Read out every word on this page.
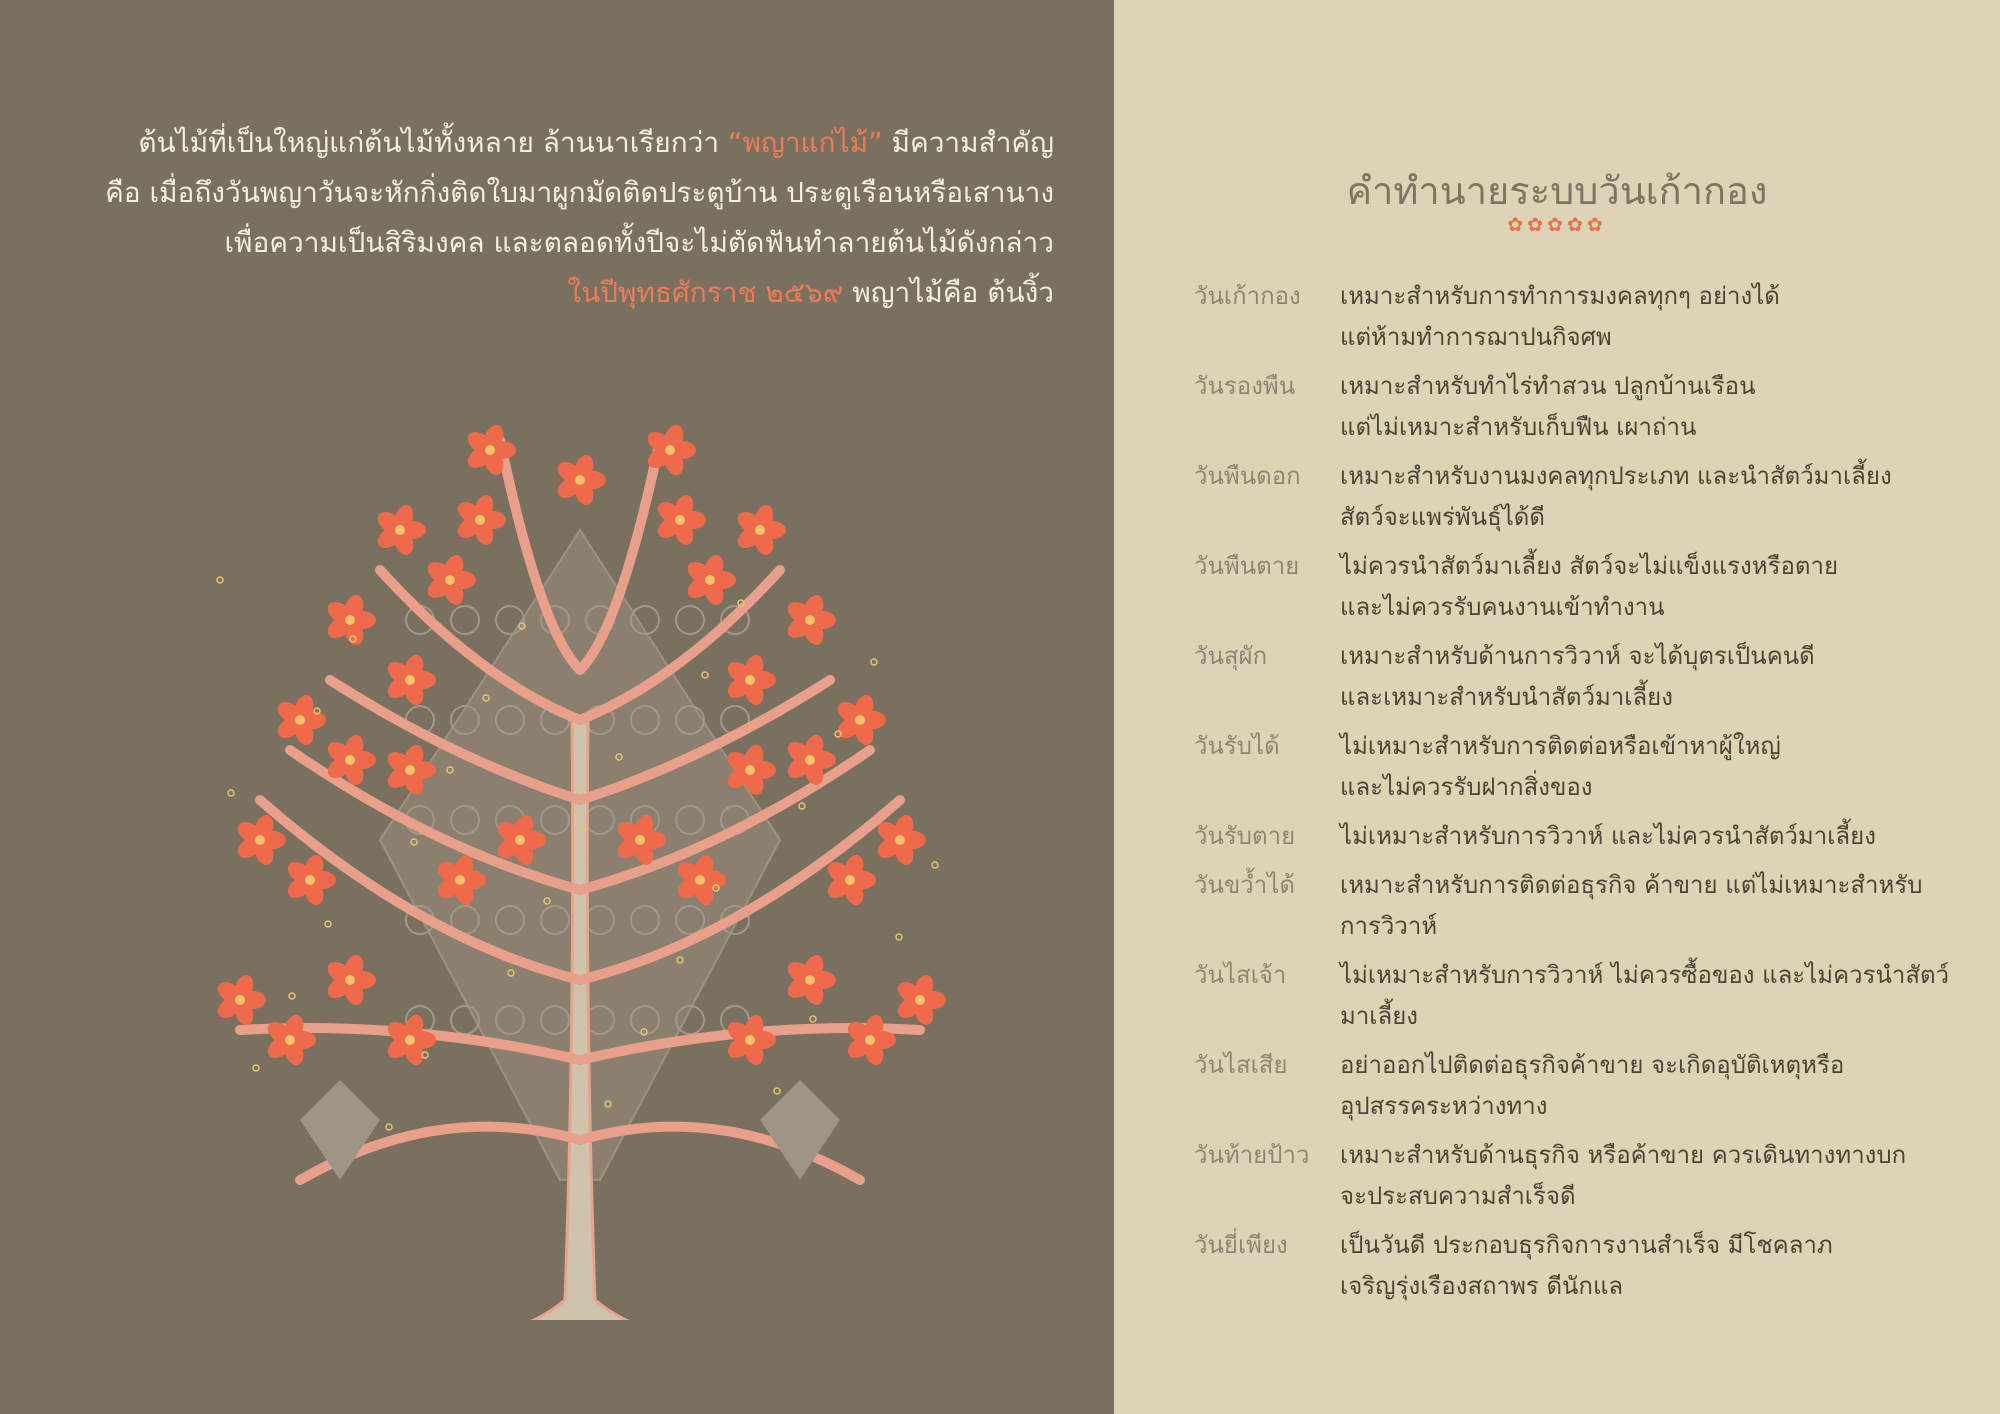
ต้นไม้ที่เป็นใหญ่แก่ต้นไม้ทั้งหลาย ล้านนาเรียกว่า “พญาแก่ไม้” มีความสำคัญ
คือ เมื่อถึงวันพญาวันจะหักกิ่งติดใบมาผูกมัดติดประตูบ้าน ประตูเรือนหรือเสานาง
เพื่อความเป็นสิริมงคล และตลอดทั้งปีจะไม่ตัดฟันทำลายต้นไม้ดังกล่าว
ในปีพุทธศักราช ๒๕๖๙ พญาไม้คือ ต้นงิ้ว
คำทำนายระบบวันเก้ากอง
✿✿✿✿✿
วันเก้ากอง	เหมาะสำหรับการทำการมงคลทุกๆ อย่างได้
แต่ห้ามทำการฌาปนกิจศพ
วันรองพืน	เหมาะสำหรับทำไร่ทำสวน ปลูกบ้านเรือน
แต่ไม่เหมาะสำหรับเก็บฟืน เผาถ่าน
วันพืนดอก	เหมาะสำหรับงานมงคลทุกประเภท และนำสัตว์มาเลี้ยง
สัตว์จะแพร่พันธุ์ได้ดี
วันพืนตาย	ไม่ควรนำสัตว์มาเลี้ยง สัตว์จะไม่แข็งแรงหรือตาย
และไม่ควรรับคนงานเข้าทำงาน
วันสุผัก	เหมาะสำหรับด้านการวิวาห์ จะได้บุตรเป็นคนดี
และเหมาะสำหรับนำสัตว์มาเลี้ยง
วันรับได้	ไม่เหมาะสำหรับการติดต่อหรือเข้าหาผู้ใหญ่
และไม่ควรรับฝากสิ่งของ
วันรับตาย	ไม่เหมาะสำหรับการวิวาห์ และไม่ควรนำสัตว์มาเลี้ยง
วันขว้ำได้	เหมาะสำหรับการติดต่อธุรกิจ ค้าขาย แต่ไม่เหมาะสำหรับ
การวิวาห์
วันไสเจ้า	ไม่เหมาะสำหรับการวิวาห์ ไม่ควรซื้อของ และไม่ควรนำสัตว์
มาเลี้ยง
วันไสเสีย	อย่าออกไปติดต่อธุรกิจค้าขาย จะเกิดอุบัติเหตุหรือ
อุปสรรคระหว่างทาง
วันท้ายป้าว	เหมาะสำหรับด้านธุรกิจ หรือค้าขาย ควรเดินทางทางบก
จะประสบความสำเร็จดี
วันยี่เพียง	เป็นวันดี ประกอบธุรกิจการงานสำเร็จ มีโชคลาภ
เจริญรุ่งเรืองสถาพร ดีนักแล
